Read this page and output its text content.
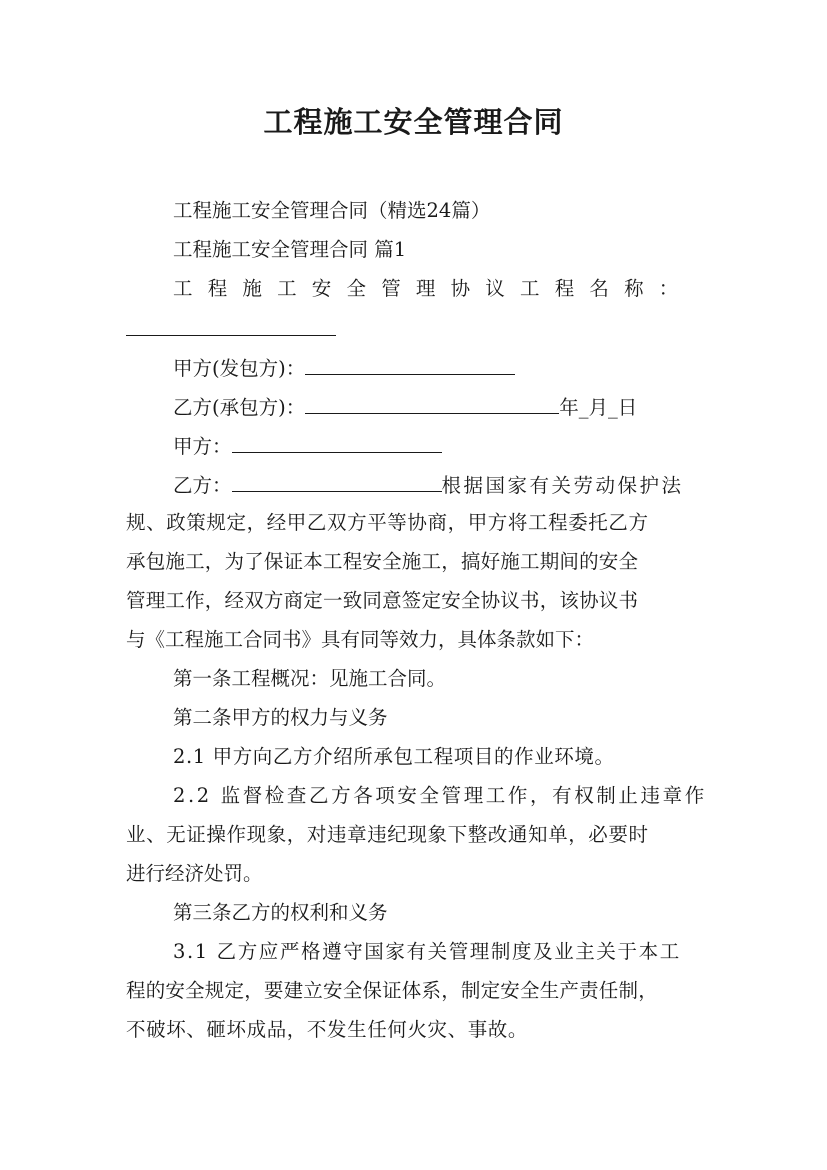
工程施工安全管理合同
工程施工安全管理合同（精选24篇）
工程施工安全管理合同 篇1
工程施工安全管理协议工程名称：
甲方(发包方)：
乙方(承包方)：	年_月_日
甲方：
乙方：	根据国家有关劳动保护法
规、政策规定，经甲乙双方平等协商，甲方将工程委托乙方
承包施工，为了保证本工程安全施工，搞好施工期间的安全
管理工作，经双方商定一致同意签定安全协议书，该协议书
与《工程施工合同书》具有同等效力，具体条款如下：
第一条工程概况：见施工合同。
第二条甲方的权力与义务
2.1 甲方向乙方介绍所承包工程项目的作业环境。
2.2 监督检查乙方各项安全管理工作，有权制止违章作
业、无证操作现象，对违章违纪现象下整改通知单，必要时
进行经济处罚。
第三条乙方的权利和义务
3.1 乙方应严格遵守国家有关管理制度及业主关于本工
程的安全规定，要建立安全保证体系，制定安全生产责任制，
不破坏、砸坏成品，不发生任何火灾、事故。
